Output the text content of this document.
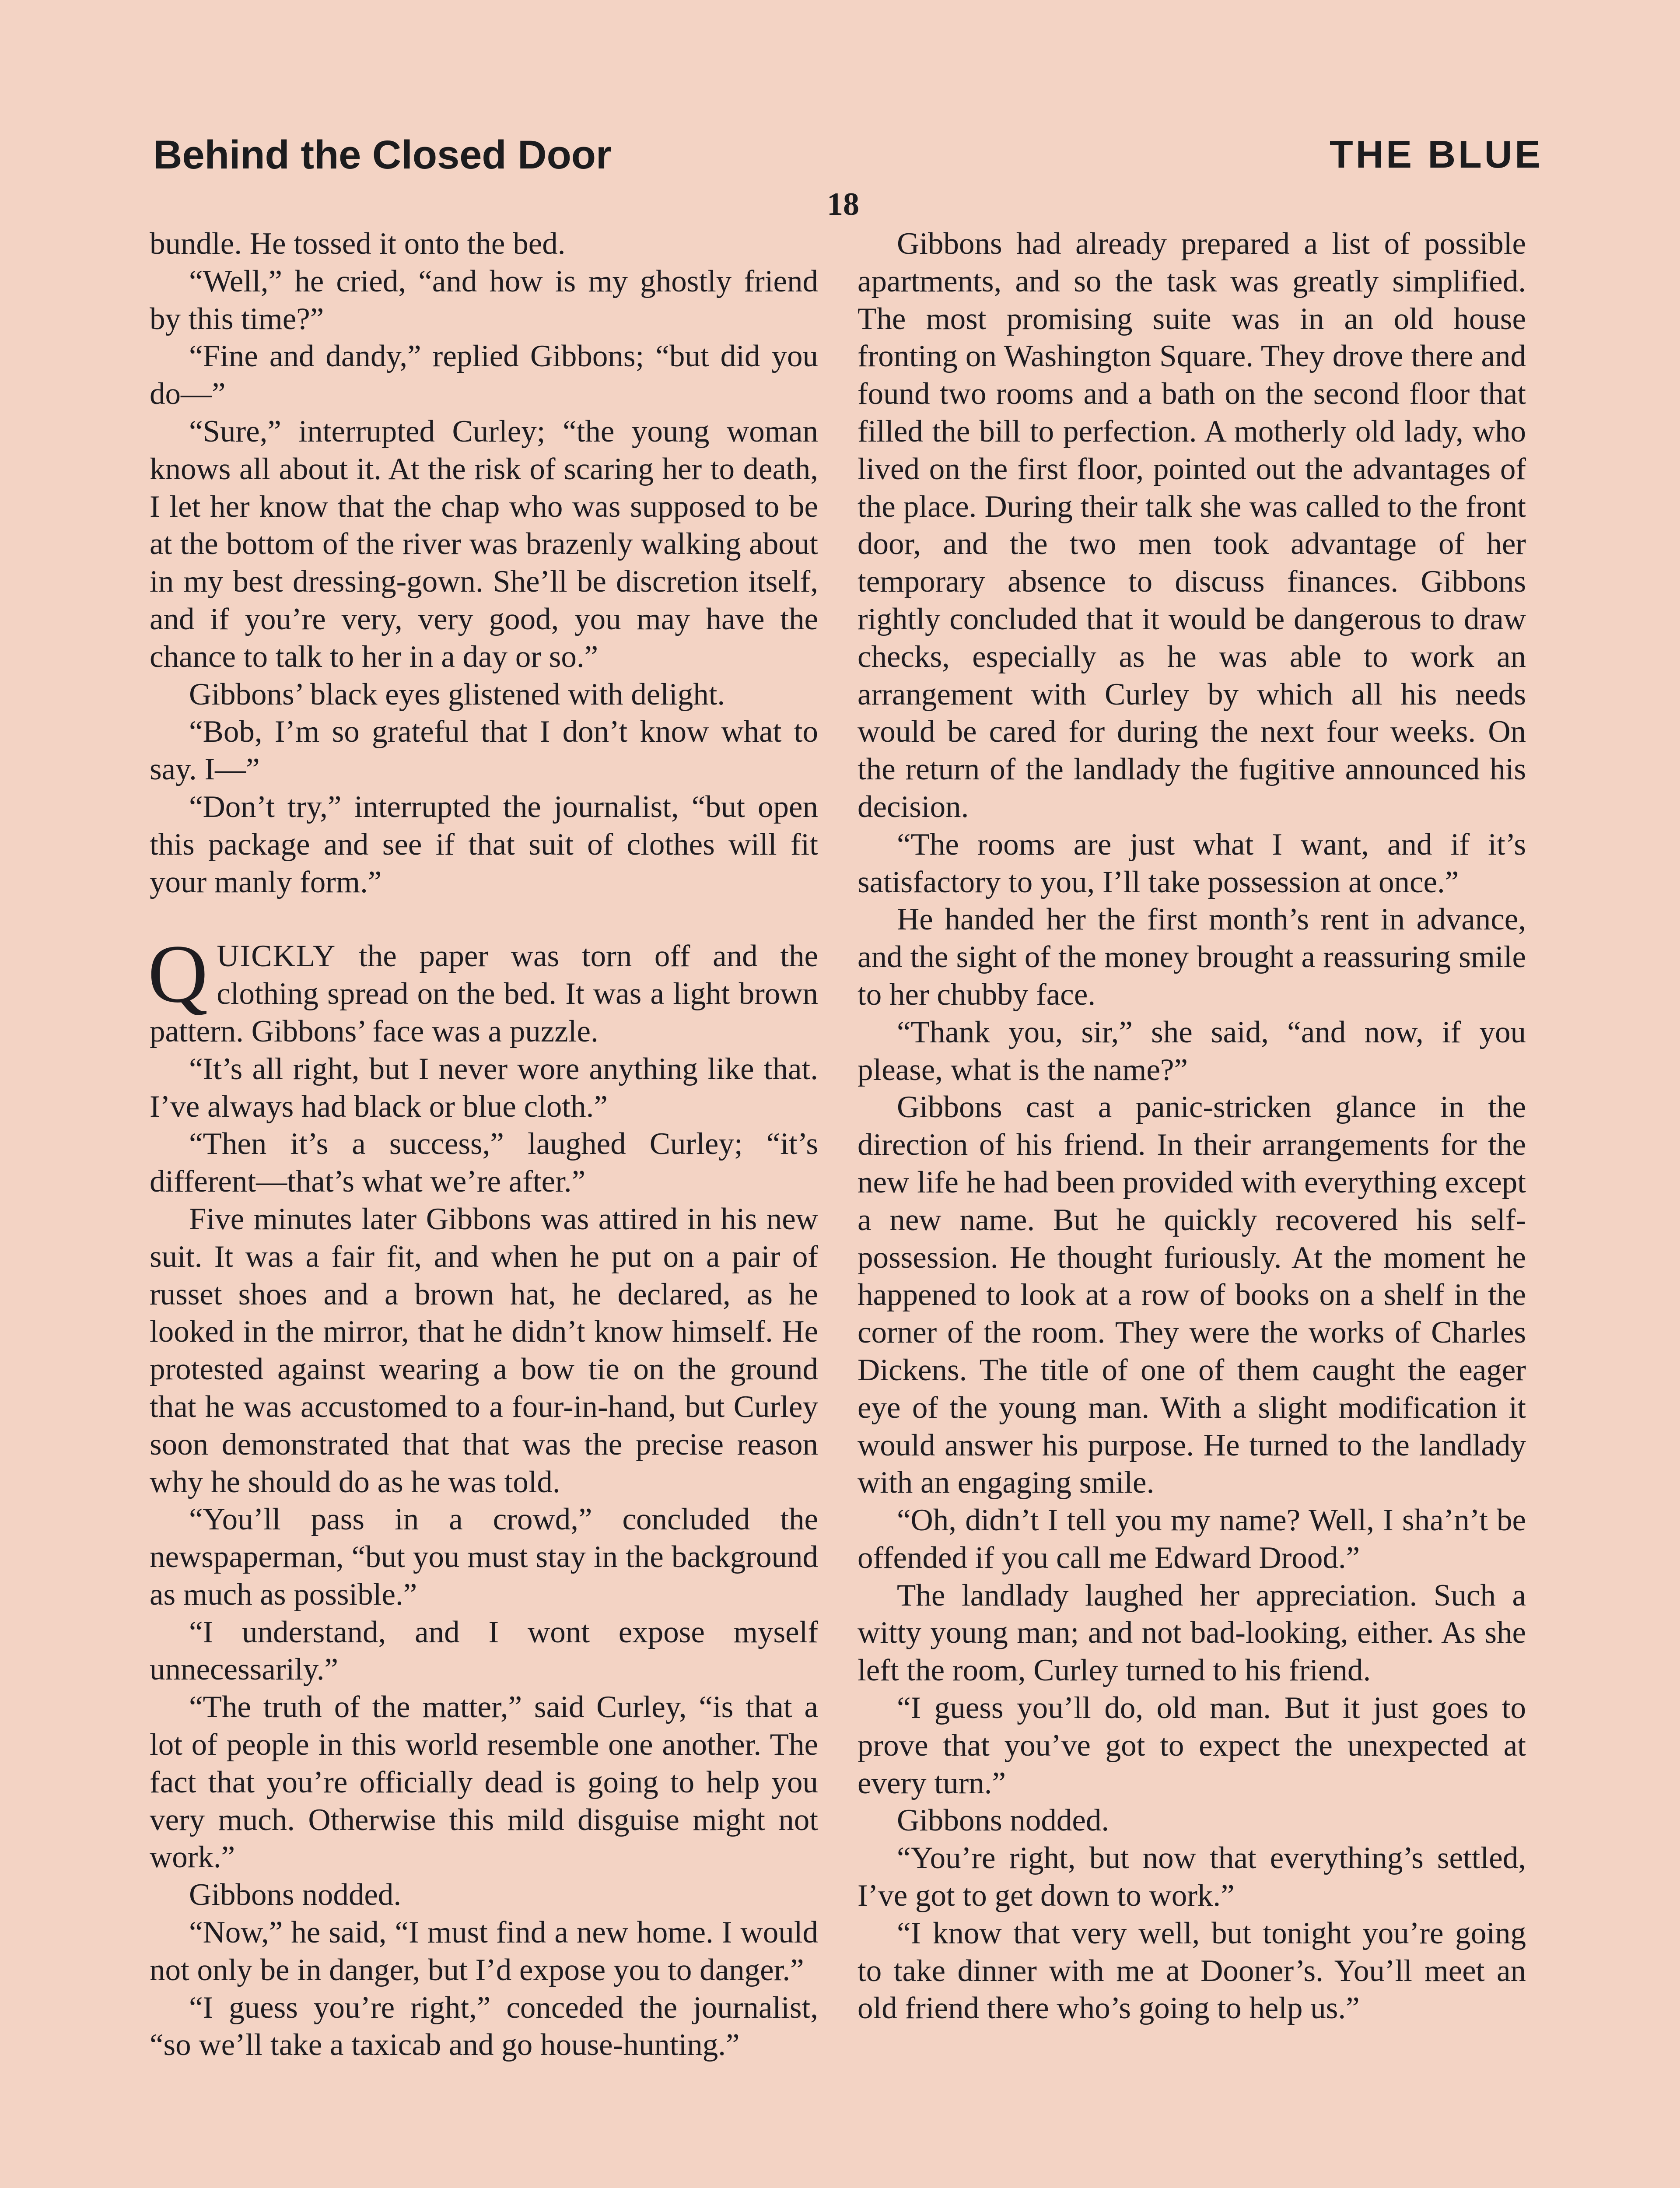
Behind the Closed Door	THE BLUE
18

bundle. He tossed it onto the bed.

“Well,” he cried, “and how is my ghostly friend by this time?”

“Fine and dandy,” replied Gibbons; “but did you do—”

“Sure,” interrupted Curley; “the young woman knows all about it. At the risk of scaring her to death, I let her know that the chap who was supposed to be at the bottom of the river was brazenly walking about in my best dressing-gown. She’ll be discretion itself, and if you’re very, very good, you may have the chance to talk to her in a day or so.”

Gibbons’ black eyes glistened with delight.

“Bob, I’m so grateful that I don’t know what to say. I—”

“Don’t try,” interrupted the journalist, “but open this package and see if that suit of clothes will fit your manly form.”

QUICKLY the paper was torn off and the clothing spread on the bed. It was a light brown pattern. Gibbons’ face was a puzzle.

“It’s all right, but I never wore anything like that. I’ve always had black or blue cloth.”

“Then it’s a success,” laughed Curley; “it’s different—that’s what we’re after.”

Five minutes later Gibbons was attired in his new suit. It was a fair fit, and when he put on a pair of russet shoes and a brown hat, he declared, as he looked in the mirror, that he didn’t know himself. He protested against wearing a bow tie on the ground that he was accustomed to a four-in-hand, but Curley soon demonstrated that that was the precise reason why he should do as he was told.

“You’ll pass in a crowd,” concluded the newspaperman, “but you must stay in the background as much as possible.”

“I understand, and I wont expose myself unnecessarily.”

“The truth of the matter,” said Curley, “is that a lot of people in this world resemble one another. The fact that you’re officially dead is going to help you very much. Otherwise this mild disguise might not work.”

Gibbons nodded.

“Now,” he said, “I must find a new home. I would not only be in danger, but I’d expose you to danger.”

“I guess you’re right,” conceded the journalist, “so we’ll take a taxicab and go house-hunting.”

Gibbons had already prepared a list of possible apartments, and so the task was greatly simplified. The most promising suite was in an old house fronting on Washington Square. They drove there and found two rooms and a bath on the second floor that filled the bill to perfection. A motherly old lady, who lived on the first floor, pointed out the advantages of the place. During their talk she was called to the front door, and the two men took advantage of her temporary absence to discuss finances. Gibbons rightly concluded that it would be dangerous to draw checks, especially as he was able to work an arrangement with Curley by which all his needs would be cared for during the next four weeks. On the return of the landlady the fugitive announced his decision.

“The rooms are just what I want, and if it’s satisfactory to you, I’ll take possession at once.”

He handed her the first month’s rent in advance, and the sight of the money brought a reassuring smile to her chubby face.

“Thank you, sir,” she said, “and now, if you please, what is the name?”

Gibbons cast a panic-stricken glance in the direction of his friend. In their arrangements for the new life he had been provided with everything except a new name. But he quickly recovered his self-possession. He thought furiously. At the moment he happened to look at a row of books on a shelf in the corner of the room. They were the works of Charles Dickens. The title of one of them caught the eager eye of the young man. With a slight modification it would answer his purpose. He turned to the landlady with an engaging smile.

“Oh, didn’t I tell you my name? Well, I sha’n’t be offended if you call me Edward Drood.”

The landlady laughed her appreciation. Such a witty young man; and not bad-looking, either. As she left the room, Curley turned to his friend.

“I guess you’ll do, old man. But it just goes to prove that you’ve got to expect the unexpected at every turn.”

Gibbons nodded.

“You’re right, but now that everything’s settled, I’ve got to get down to work.”

“I know that very well, but tonight you’re going to take dinner with me at Dooner’s. You’ll meet an old friend there who’s going to help us.”
